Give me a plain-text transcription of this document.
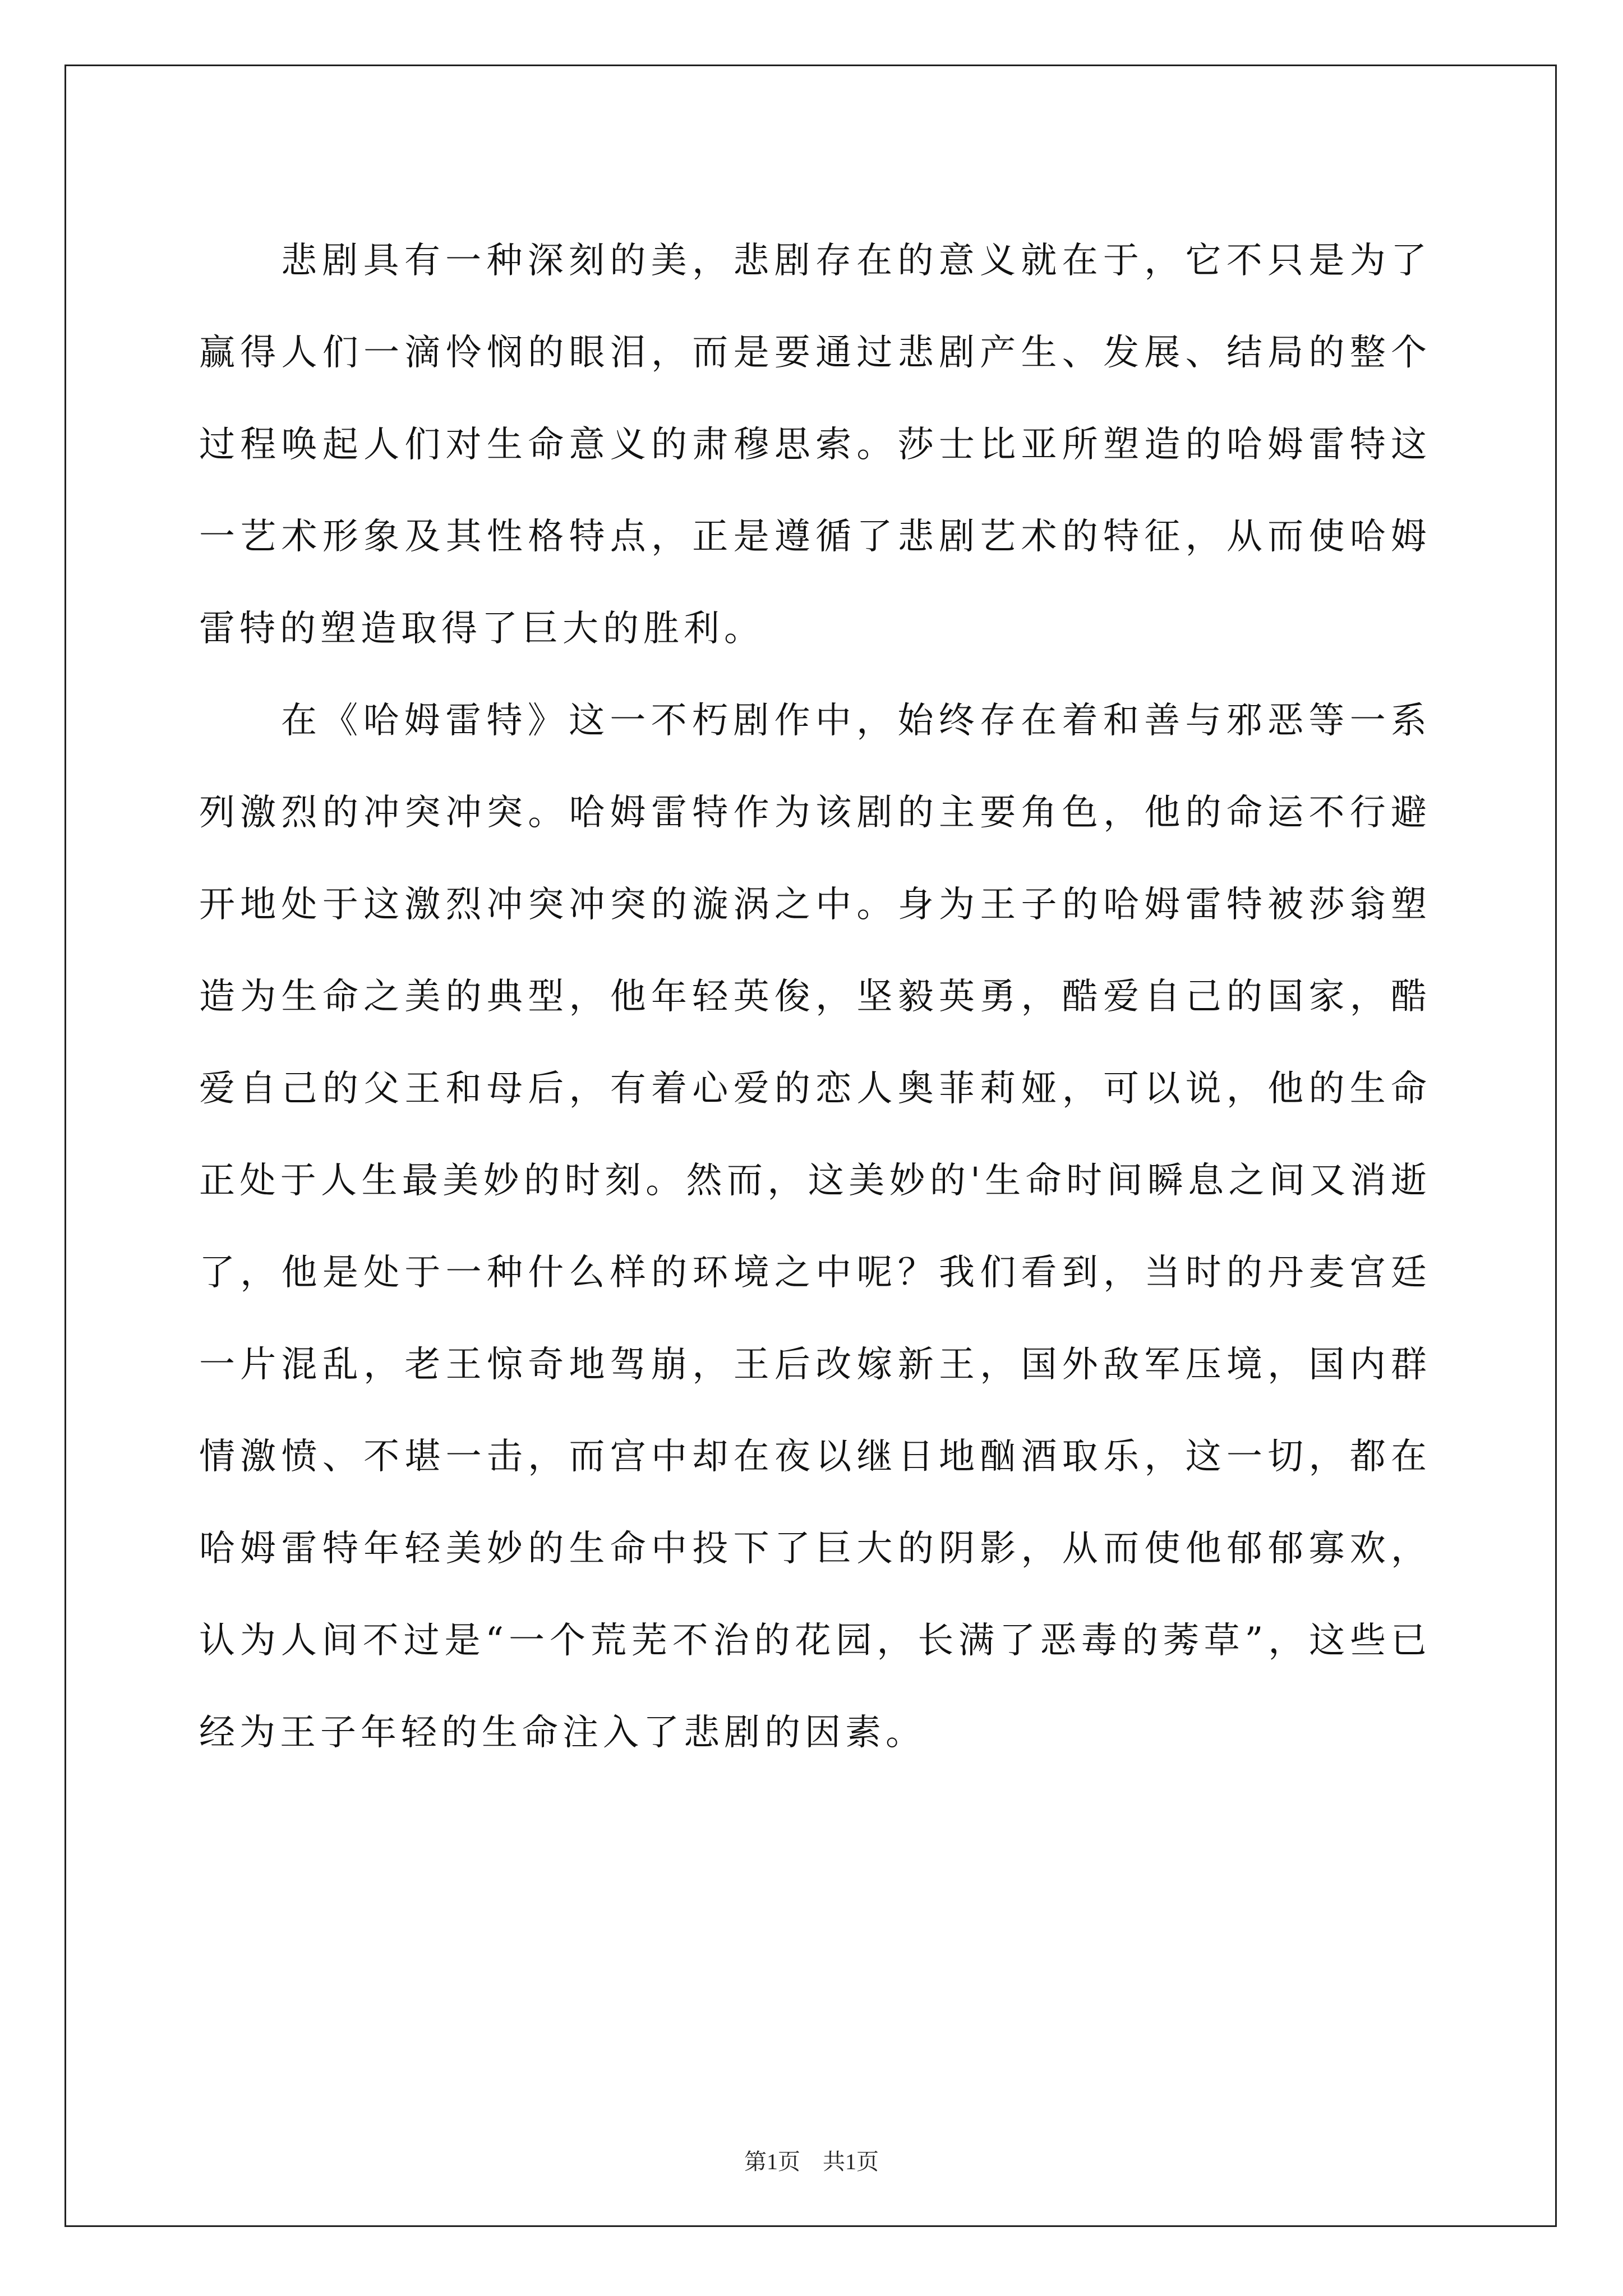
悲剧具有一种深刻的美，悲剧存在的意义就在于，它不只是为了赢得人们一滴怜悯的眼泪，而是要通过悲剧产生、发展、结局的整个过程唤起人们对生命意义的肃穆思索。莎士比亚所塑造的哈姆雷特这一艺术形象及其性格特点，正是遵循了悲剧艺术的特征，从而使哈姆雷特的塑造取得了巨大的胜利。

在《哈姆雷特》这一不朽剧作中，始终存在着和善与邪恶等一系列激烈的冲突冲突。哈姆雷特作为该剧的主要角色，他的命运不行避开地处于这激烈冲突冲突的漩涡之中。身为王子的哈姆雷特被莎翁塑造为生命之美的典型，他年轻英俊，坚毅英勇，酷爱自己的国家，酷爱自己的父王和母后，有着心爱的恋人奥菲莉娅，可以说，他的生命正处于人生最美妙的时刻。然而，这美妙的'生命时间瞬息之间又消逝了，他是处于一种什么样的环境之中呢？我们看到，当时的丹麦宫廷一片混乱，老王惊奇地驾崩，王后改嫁新王，国外敌军压境，国内群情激愤、不堪一击，而宫中却在夜以继日地酗酒取乐，这一切，都在哈姆雷特年轻美妙的生命中投下了巨大的阴影，从而使他郁郁寡欢，认为人间不过是“一个荒芜不治的花园，长满了恶毒的莠草”，这些已经为王子年轻的生命注入了悲剧的因素。

第1页　共1页
